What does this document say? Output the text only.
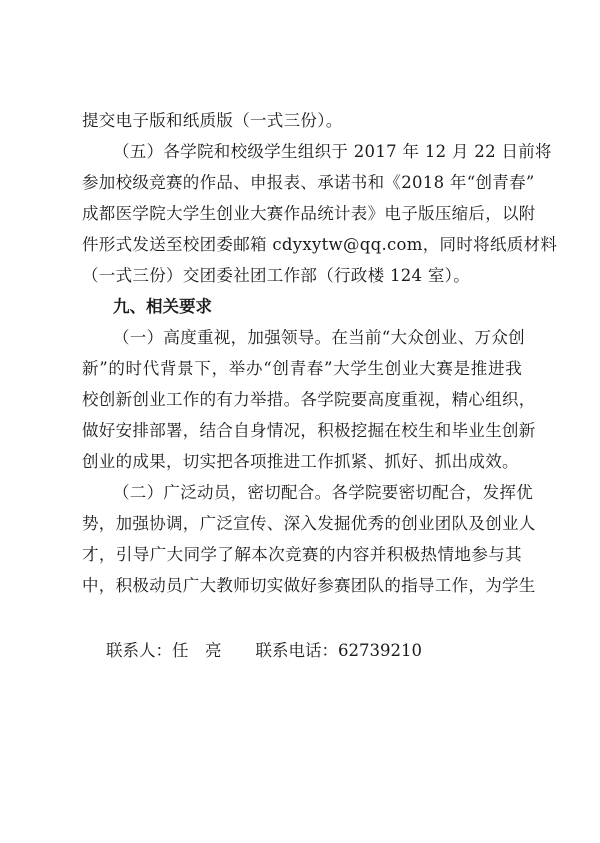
提交电子版和纸质版（一式三份）。
（五）各学院和校级学生组织于 2017 年 12 月 22 日前将
参加校级竞赛的作品、申报表、承诺书和《2018 年“创青春”
成都医学院大学生创业大赛作品统计表》电子版压缩后，以附
件形式发送至校团委邮箱 cdyxytw@qq.com，同时将纸质材料
（一式三份）交团委社团工作部（行政楼 124 室）。
九、相关要求
（一）高度重视，加强领导。在当前“大众创业、万众创
新”的时代背景下，举办“创青春”大学生创业大赛是推进我
校创新创业工作的有力举措。各学院要高度重视，精心组织，
做好安排部署，结合自身情况，积极挖掘在校生和毕业生创新
创业的成果，切实把各项推进工作抓紧、抓好、抓出成效。
（二）广泛动员，密切配合。各学院要密切配合，发挥优
势，加强协调，广泛宣传、深入发掘优秀的创业团队及创业人
才，引导广大同学了解本次竞赛的内容并积极热情地参与其
中，积极动员广大教师切实做好参赛团队的指导工作，为学生
联系人：任　亮 联系电话：62739210
